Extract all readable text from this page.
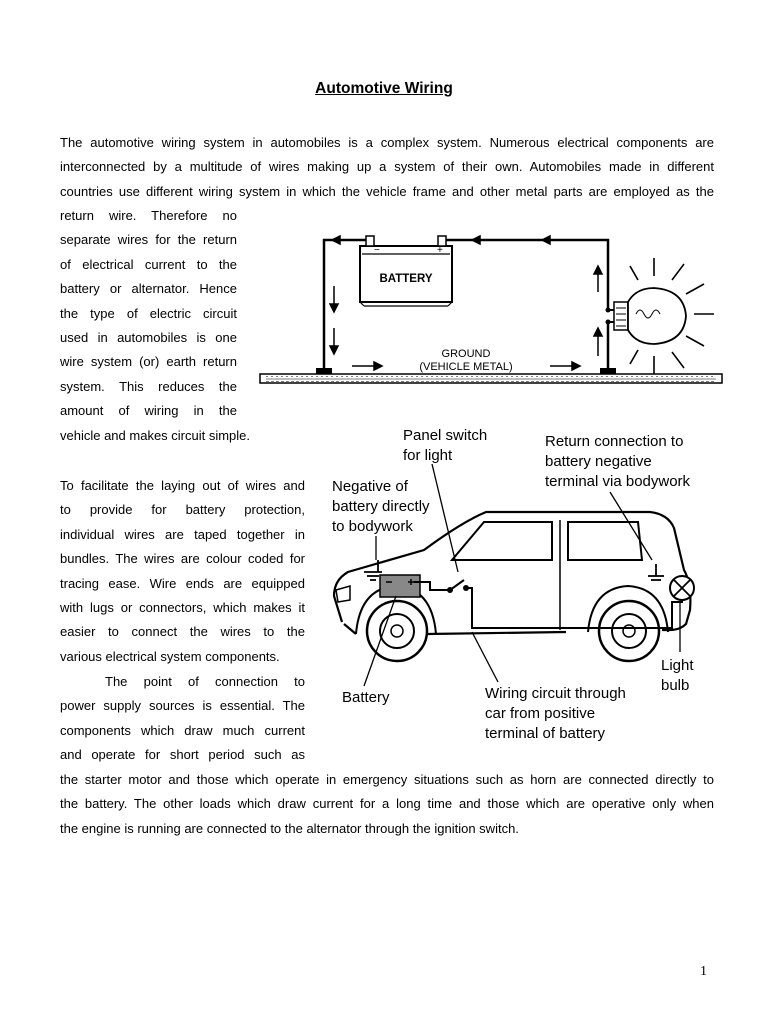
Automotive Wiring
The automotive wiring system in automobiles is a complex system. Numerous electrical components are
interconnected by a multitude of wires making up a system of their own. Automobiles made in different
countries use different wiring system in which the vehicle frame and other metal parts are employed as the
return wire. Therefore no
separate wires for the return
of electrical current to the
battery or alternator. Hence
the type of electric circuit
used in automobiles is one
wire system (or) earth return
system. This reduces the
amount of wiring in the
vehicle and makes circuit simple.
To facilitate the laying out of wires and
to provide for battery protection,
individual wires are taped together in
bundles. The wires are colour coded for
tracing ease. Wire ends are equipped
with lugs or connectors, which makes it
easier to connect the wires to the
various electrical system components.
The point of connection to
power supply sources is essential. The
components which draw much current
and operate for short period such as
the starter motor and those which operate in emergency situations such as horn are connected directly to
the battery. The other loads which draw current for a long time and those which are operative only when
the engine is running are connected to the alternator through the ignition switch.
−	+
BATTERY
GROUND
(VEHICLE METAL)
Panel switch
for light
Return connection to
battery negative
terminal via bodywork
Negative of
battery directly
to bodywork
Battery	Wiring circuit through
car from positive
terminal of battery
Light
bulb
1
